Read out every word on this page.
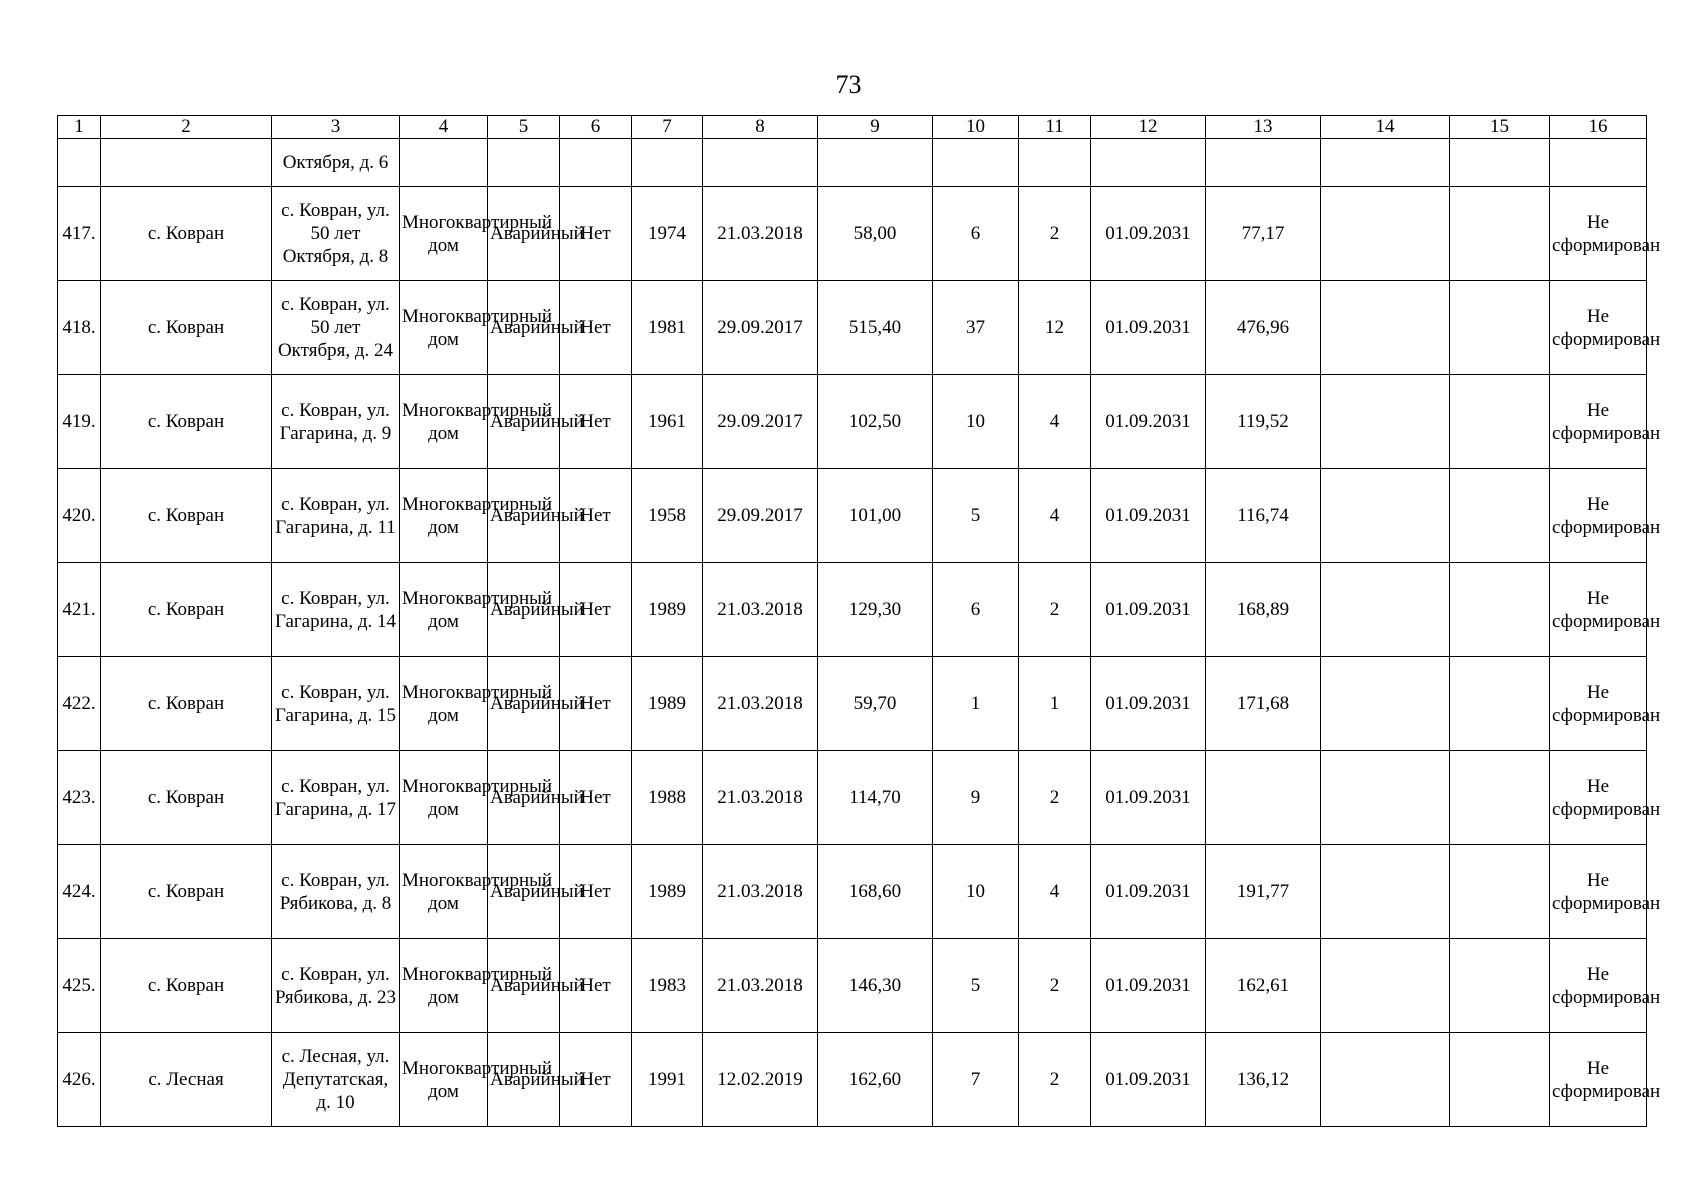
73
1	2	3	4	5	6	7	8	9	10	11	12	13	14	15	16
		Октября, д. 6													
417.	с. Ковран	с. Ковран, ул. 50 лет Октября, д. 8	Многоквартирный дом	Аварийный	Нет	1974	21.03.2018	58,00	6	2	01.09.2031	77,17			Не сформирован
418.	с. Ковран	с. Ковран, ул. 50 лет Октября, д. 24	Многоквартирный дом	Аварийный	Нет	1981	29.09.2017	515,40	37	12	01.09.2031	476,96			Не сформирован
419.	с. Ковран	с. Ковран, ул. Гагарина, д. 9	Многоквартирный дом	Аварийный	Нет	1961	29.09.2017	102,50	10	4	01.09.2031	119,52			Не сформирован
420.	с. Ковран	с. Ковран, ул. Гагарина, д. 11	Многоквартирный дом	Аварийный	Нет	1958	29.09.2017	101,00	5	4	01.09.2031	116,74			Не сформирован
421.	с. Ковран	с. Ковран, ул. Гагарина, д. 14	Многоквартирный дом	Аварийный	Нет	1989	21.03.2018	129,30	6	2	01.09.2031	168,89			Не сформирован
422.	с. Ковран	с. Ковран, ул. Гагарина, д. 15	Многоквартирный дом	Аварийный	Нет	1989	21.03.2018	59,70	1	1	01.09.2031	171,68			Не сформирован
423.	с. Ковран	с. Ковран, ул. Гагарина, д. 17	Многоквартирный дом	Аварийный	Нет	1988	21.03.2018	114,70	9	2	01.09.2031				Не сформирован
424.	с. Ковран	с. Ковран, ул. Рябикова, д. 8	Многоквартирный дом	Аварийный	Нет	1989	21.03.2018	168,60	10	4	01.09.2031	191,77			Не сформирован
425.	с. Ковран	с. Ковран, ул. Рябикова, д. 23	Многоквартирный дом	Аварийный	Нет	1983	21.03.2018	146,30	5	2	01.09.2031	162,61			Не сформирован
426.	с. Лесная	с. Лесная, ул. Депутатская, д. 10	Многоквартирный дом	Аварийный	Нет	1991	12.02.2019	162,60	7	2	01.09.2031	136,12			Не сформирован
